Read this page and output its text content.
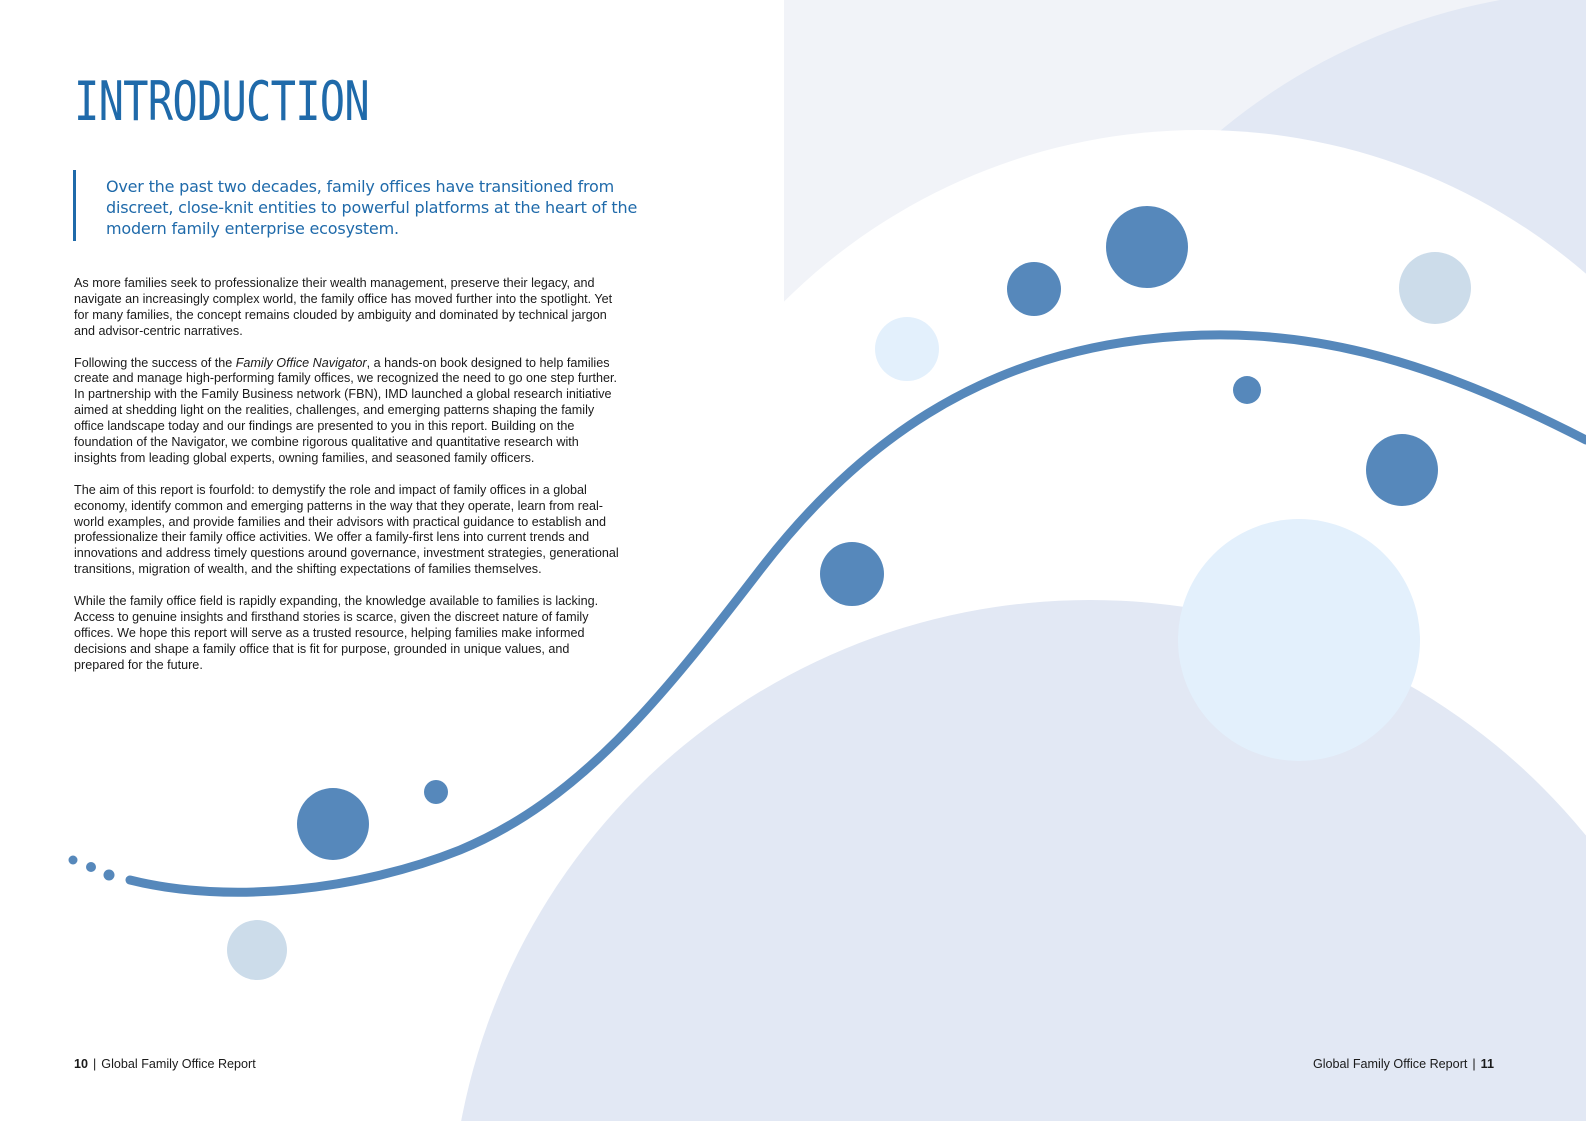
INTRODUCTION
Over the past two decades, family offices have transitioned from discreet, close-knit entities to powerful platforms at the heart of the modern family enterprise ecosystem.

As more families seek to professionalize their wealth management, preserve their legacy, and navigate an increasingly complex world, the family office has moved further into the spotlight. Yet for many families, the concept remains clouded by ambiguity and dominated by technical jargon and advisor-centric narratives.

Following the success of the Family Office Navigator, a hands-on book designed to help families create and manage high-performing family offices, we recognized the need to go one step further. In partnership with the Family Business network (FBN), IMD launched a global research initiative aimed at shedding light on the realities, challenges, and emerging patterns shaping the family office landscape today and our findings are presented to you in this report. Building on the foundation of the Navigator, we combine rigorous qualitative and quantitative research with insights from leading global experts, owning families, and seasoned family officers.

The aim of this report is fourfold: to demystify the role and impact of family offices in a global economy, identify common and emerging patterns in the way that they operate, learn from real-world examples, and provide families and their advisors with practical guidance to establish and professionalize their family office activities. We offer a family-first lens into current trends and innovations and address timely questions around governance, investment strategies, generational transitions, migration of wealth, and the shifting expectations of families themselves.

While the family office field is rapidly expanding, the knowledge available to families is lacking. Access to genuine insights and firsthand stories is scarce, given the discreet nature of family offices. We hope this report will serve as a trusted resource, helping families make informed decisions and shape a family office that is fit for purpose, grounded in unique values, and prepared for the future.

10 | Global Family Office Report	Global Family Office Report | 11
